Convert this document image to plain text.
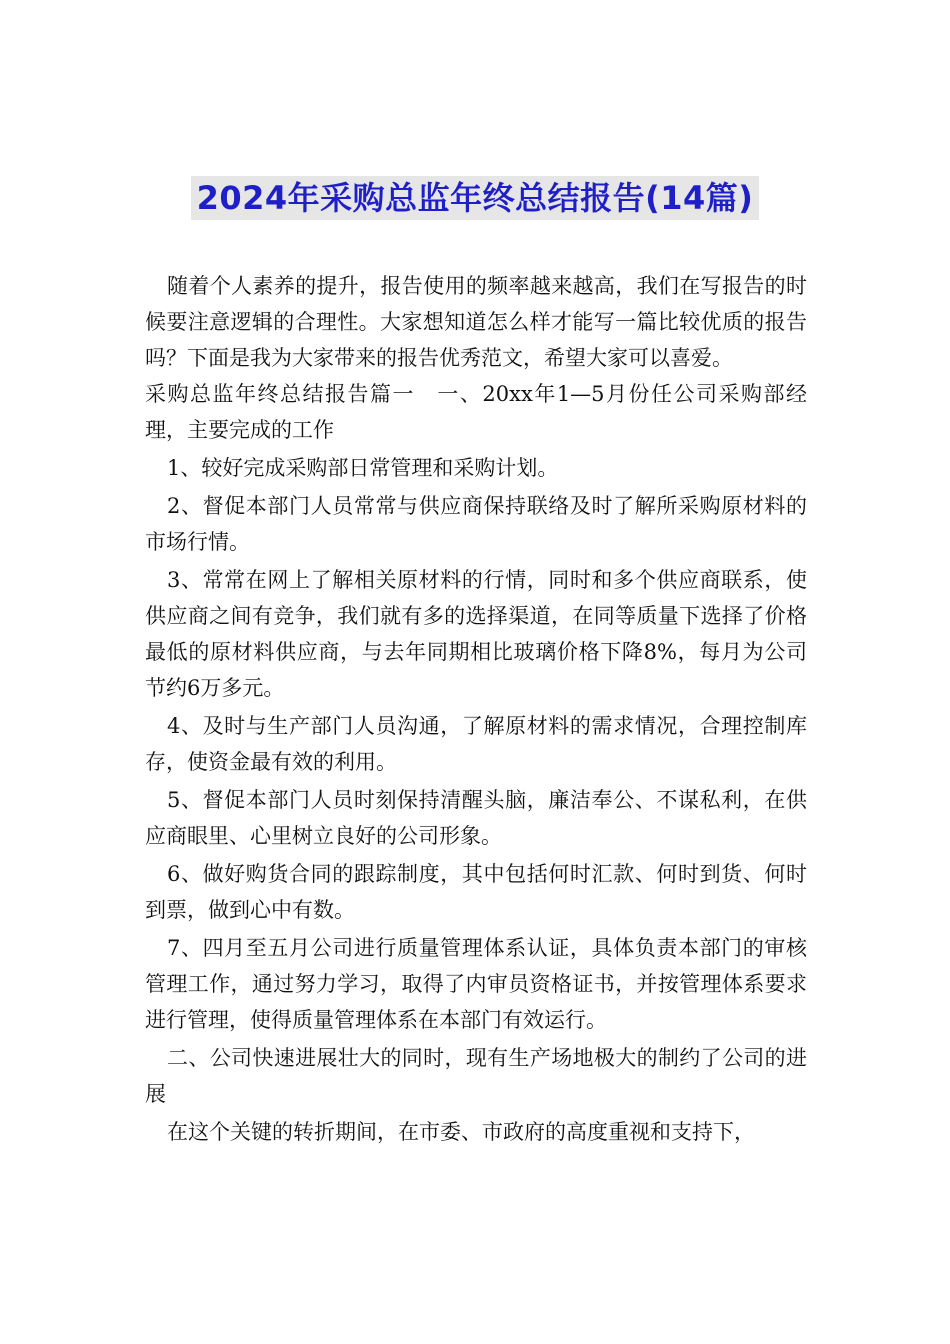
2024年采购总监年终总结报告(14篇)

随着个人素养的提升，报告使用的频率越来越高，我们在写报告的时候要注意逻辑的合理性。大家想知道怎么样才能写一篇比较优质的报告吗？下面是我为大家带来的报告优秀范文，希望大家可以喜爱。

采购总监年终总结报告篇一　一、20xx年1—5月份任公司采购部经理，主要完成的工作

1、较好完成采购部日常管理和采购计划。

2、督促本部门人员常常与供应商保持联络及时了解所采购原材料的市场行情。

3、常常在网上了解相关原材料的行情，同时和多个供应商联系，使供应商之间有竞争，我们就有多的选择渠道，在同等质量下选择了价格最低的原材料供应商，与去年同期相比玻璃价格下降8%，每月为公司节约6万多元。

4、及时与生产部门人员沟通，了解原材料的需求情况，合理控制库存，使资金最有效的利用。

5、督促本部门人员时刻保持清醒头脑，廉洁奉公、不谋私利，在供应商眼里、心里树立良好的公司形象。

6、做好购货合同的跟踪制度，其中包括何时汇款、何时到货、何时到票，做到心中有数。

7、四月至五月公司进行质量管理体系认证，具体负责本部门的审核管理工作，通过努力学习，取得了内审员资格证书，并按管理体系要求进行管理，使得质量管理体系在本部门有效运行。

二、公司快速进展壮大的同时，现有生产场地极大的制约了公司的进展

在这个关键的转折期间，在市委、市政府的高度重视和支持下，
